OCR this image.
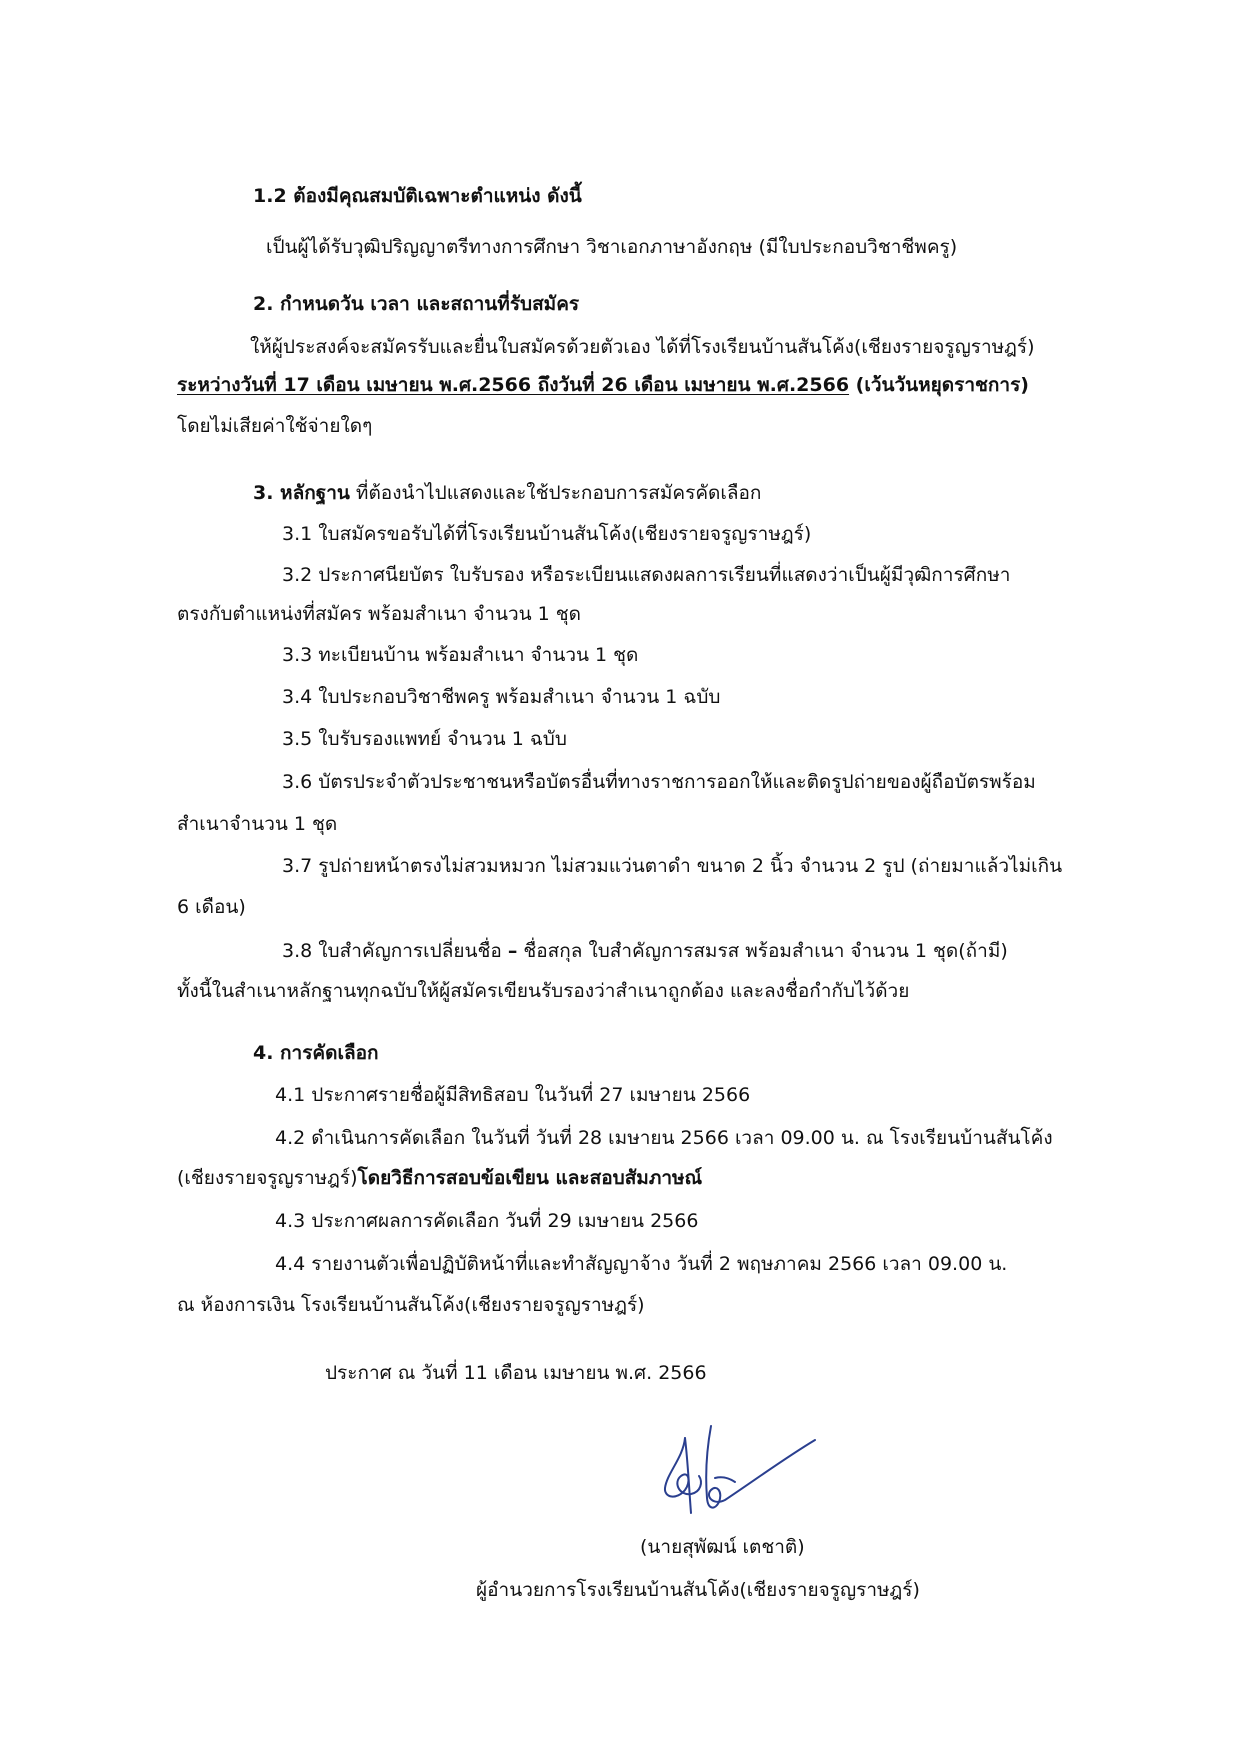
1.2 ต้องมีคุณสมบัติเฉพาะตำแหน่ง ดังนี้
เป็นผู้ได้รับวุฒิปริญญาตรีทางการศึกษา วิชาเอกภาษาอังกฤษ (มีใบประกอบวิชาชีพครู)
2. กำหนดวัน เวลา และสถานที่รับสมัคร
ให้ผู้ประสงค์จะสมัครรับและยื่นใบสมัครด้วยตัวเอง ได้ที่โรงเรียนบ้านสันโค้ง(เชียงรายจรูญราษฎร์)
ระหว่างวันที่ 17 เดือน เมษายน พ.ศ.2566 ถึงวันที่ 26 เดือน เมษายน พ.ศ.2566 (เว้นวันหยุดราชการ)
โดยไม่เสียค่าใช้จ่ายใดๆ
3. หลักฐาน ที่ต้องนำไปแสดงและใช้ประกอบการสมัครคัดเลือก
3.1 ใบสมัครขอรับได้ที่โรงเรียนบ้านสันโค้ง(เชียงรายจรูญราษฎร์)
3.2 ประกาศนียบัตร ใบรับรอง หรือระเบียนแสดงผลการเรียนที่แสดงว่าเป็นผู้มีวุฒิการศึกษา
ตรงกับตำแหน่งที่สมัคร พร้อมสำเนา จำนวน 1 ชุด
3.3 ทะเบียนบ้าน พร้อมสำเนา จำนวน 1 ชุด
3.4 ใบประกอบวิชาชีพครู พร้อมสำเนา จำนวน 1 ฉบับ
3.5 ใบรับรองแพทย์ จำนวน 1 ฉบับ
3.6 บัตรประจำตัวประชาชนหรือบัตรอื่นที่ทางราชการออกให้และติดรูปถ่ายของผู้ถือบัตรพร้อม
สำเนาจำนวน 1 ชุด
3.7 รูปถ่ายหน้าตรงไม่สวมหมวก ไม่สวมแว่นตาดำ ขนาด 2 นิ้ว จำนวน 2 รูป (ถ่ายมาแล้วไม่เกิน
6 เดือน)
3.8 ใบสำคัญการเปลี่ยนชื่อ – ชื่อสกุล ใบสำคัญการสมรส พร้อมสำเนา จำนวน 1 ชุด(ถ้ามี)
ทั้งนี้ในสำเนาหลักฐานทุกฉบับให้ผู้สมัครเขียนรับรองว่าสำเนาถูกต้อง และลงชื่อกำกับไว้ด้วย
4. การคัดเลือก
4.1 ประกาศรายชื่อผู้มีสิทธิสอบ ในวันที่ 27 เมษายน 2566
4.2 ดำเนินการคัดเลือก ในวันที่ วันที่ 28 เมษายน 2566 เวลา 09.00 น. ณ โรงเรียนบ้านสันโค้ง
(เชียงรายจรูญราษฎร์)โดยวิธีการสอบข้อเขียน และสอบสัมภาษณ์
4.3 ประกาศผลการคัดเลือก วันที่ 29 เมษายน 2566
4.4 รายงานตัวเพื่อปฏิบัติหน้าที่และทำสัญญาจ้าง วันที่ 2 พฤษภาคม 2566 เวลา 09.00 น.
ณ ห้องการเงิน โรงเรียนบ้านสันโค้ง(เชียงรายจรูญราษฎร์)
ประกาศ ณ วันที่ 11 เดือน เมษายน พ.ศ. 2566
(นายสุพัฒน์ เตชาติ)
ผู้อำนวยการโรงเรียนบ้านสันโค้ง(เชียงรายจรูญราษฎร์)
